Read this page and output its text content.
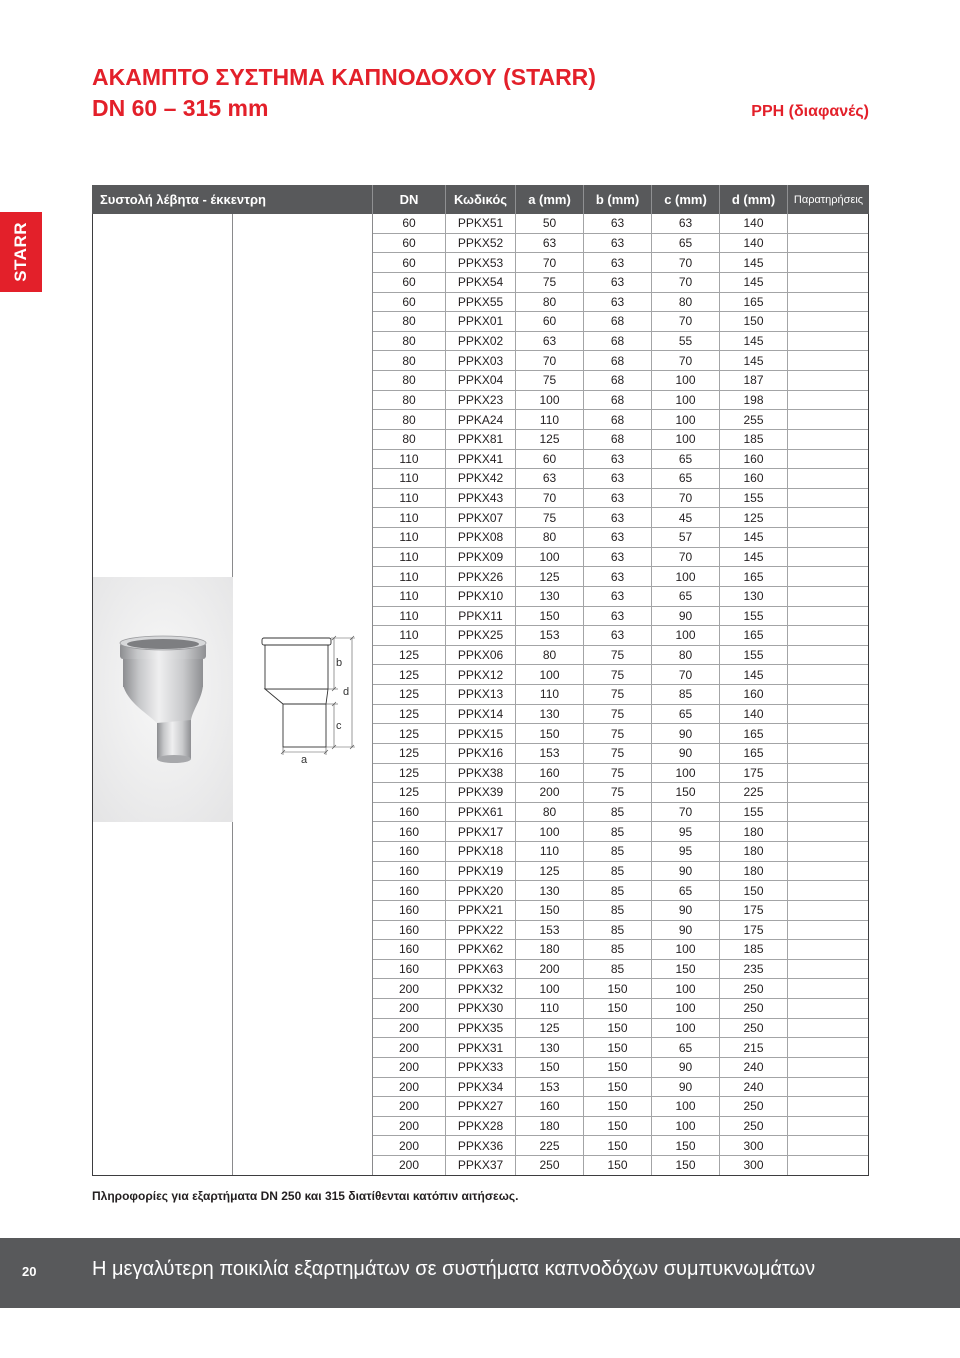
ΑΚΑΜΠΤΟ ΣΥΣΤΗΜΑ ΚΑΠΝΟΔΟΧΟΥ (STARR)
DN 60 – 315 mm	PPH (διαφανές)
STARR
Συστολή λέβητα - έκκεντρη	DN	Κωδικός	a (mm)	b (mm)	c (mm)	d (mm)	Παρατηρήσεις
b
d
c
a
60	PPKX51	50	63	63	140
60	PPKX52	63	63	65	140
60	PPKX53	70	63	70	145
60	PPKX54	75	63	70	145
60	PPKX55	80	63	80	165
80	PPKX01	60	68	70	150
80	PPKX02	63	68	55	145
80	PPKX03	70	68	70	145
80	PPKX04	75	68	100	187
80	PPKX23	100	68	100	198
80	PPKA24	110	68	100	255
80	PPKX81	125	68	100	185
110	PPKX41	60	63	65	160
110	PPKX42	63	63	65	160
110	PPKX43	70	63	70	155
110	PPKX07	75	63	45	125
110	PPKX08	80	63	57	145
110	PPKX09	100	63	70	145
110	PPKX26	125	63	100	165
110	PPKX10	130	63	65	130
110	PPKX11	150	63	90	155
110	PPKX25	153	63	100	165
125	PPKX06	80	75	80	155
125	PPKX12	100	75	70	145
125	PPKX13	110	75	85	160
125	PPKX14	130	75	65	140
125	PPKX15	150	75	90	165
125	PPKX16	153	75	90	165
125	PPKX38	160	75	100	175
125	PPKX39	200	75	150	225
160	PPKX61	80	85	70	155
160	PPKX17	100	85	95	180
160	PPKX18	110	85	95	180
160	PPKX19	125	85	90	180
160	PPKX20	130	85	65	150
160	PPKX21	150	85	90	175
160	PPKX22	153	85	90	175
160	PPKX62	180	85	100	185
160	PPKX63	200	85	150	235
200	PPKX32	100	150	100	250
200	PPKX30	110	150	100	250
200	PPKX35	125	150	100	250
200	PPKX31	130	150	65	215
200	PPKX33	150	150	90	240
200	PPKX34	153	150	90	240
200	PPKX27	160	150	100	250
200	PPKX28	180	150	100	250
200	PPKX36	225	150	150	300
200	PPKX37	250	150	150	300
Πληροφορίες για εξαρτήματα DN 250 και 315 διατίθενται κατόπιν αιτήσεως.
20	Η μεγαλύτερη ποικιλία εξαρτημάτων σε συστήματα καπνοδόχων συμπυκνωμάτων
